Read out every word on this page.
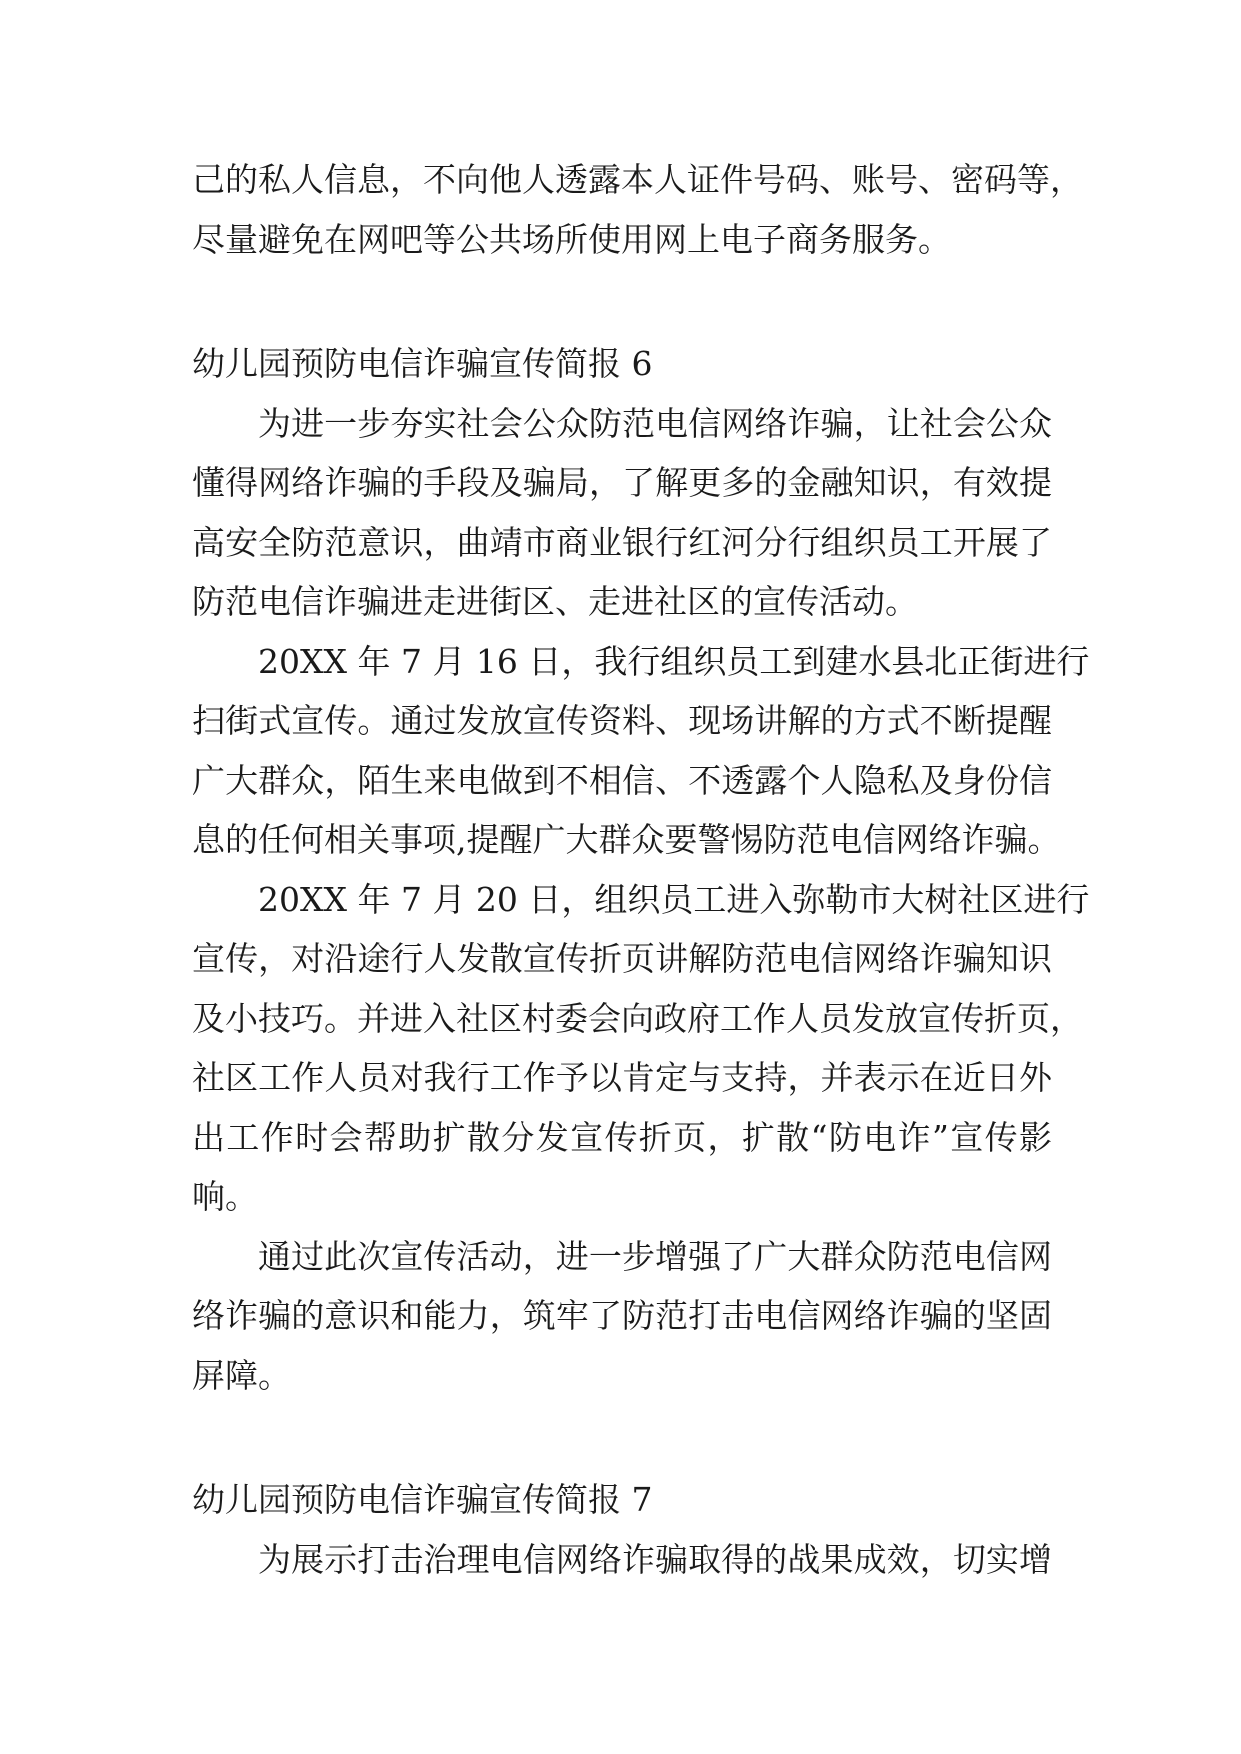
己的私人信息，不向他人透露本人证件号码、账号、密码等，
尽量避免在网吧等公共场所使用网上电子商务服务。
幼儿园预防电信诈骗宣传简报 6
为进一步夯实社会公众防范电信网络诈骗，让社会公众
懂得网络诈骗的手段及骗局，了解更多的金融知识，有效提
高安全防范意识，曲靖市商业银行红河分行组织员工开展了
防范电信诈骗进走进街区、走进社区的宣传活动。
20XX 年 7 月 16 日，我行组织员工到建水县北正街进行
扫街式宣传。通过发放宣传资料、现场讲解的方式不断提醒
广大群众，陌生来电做到不相信、不透露个人隐私及身份信
息的任何相关事项,提醒广大群众要警惕防范电信网络诈骗。
20XX 年 7 月 20 日，组织员工进入弥勒市大树社区进行
宣传，对沿途行人发散宣传折页讲解防范电信网络诈骗知识
及小技巧。并进入社区村委会向政府工作人员发放宣传折页，
社区工作人员对我行工作予以肯定与支持，并表示在近日外
出工作时会帮助扩散分发宣传折页，扩散“防电诈”宣传影
响。
通过此次宣传活动，进一步增强了广大群众防范电信网
络诈骗的意识和能力，筑牢了防范打击电信网络诈骗的坚固
屏障。
幼儿园预防电信诈骗宣传简报 7
为展示打击治理电信网络诈骗取得的战果成效，切实增
